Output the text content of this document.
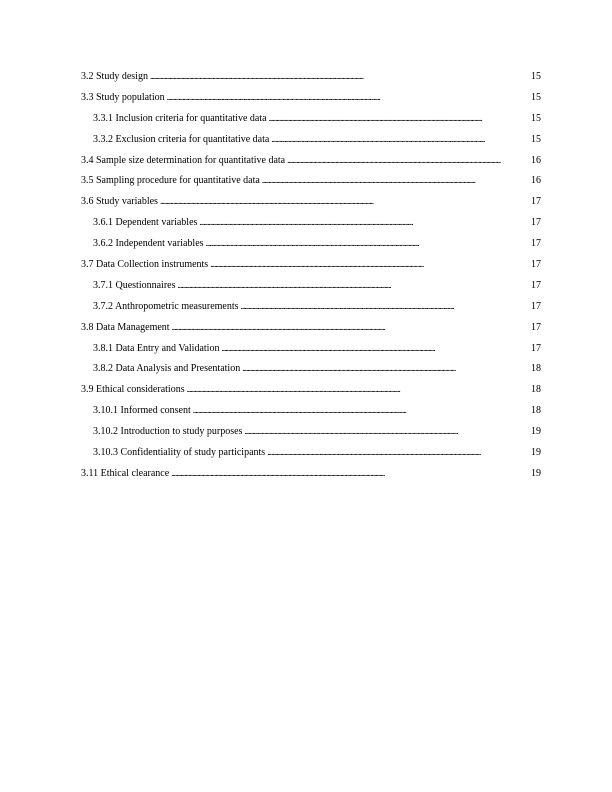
3.2 Study design . . .	15
3.3 Study population . . .	15
3.3.1 Inclusion criteria for quantitative data . . .	15
3.3.2 Exclusion criteria for quantitative data . . .	15
3.4 Sample size determination for quantitative data . . .	16
3.5 Sampling procedure for quantitative data . . .	16
3.6 Study variables . . .	17
3.6.1 Dependent variables . . .	17
3.6.2 Independent variables . . .	17
3.7 Data Collection instruments . . .	17
3.7.1 Questionnaires . . .	17
3.7.2 Anthropometric measurements . . .	17
3.8 Data Management . . .	17
3.8.1 Data Entry and Validation . . .	17
3.8.2 Data Analysis and Presentation . . .	18
3.9 Ethical considerations . . .	18
3.10.1 Informed consent . . .	18
3.10.2 Introduction to study purposes . . .	19
3.10.3 Confidentiality of study participants . . .	19
3.11 Ethical clearance . . .	19
